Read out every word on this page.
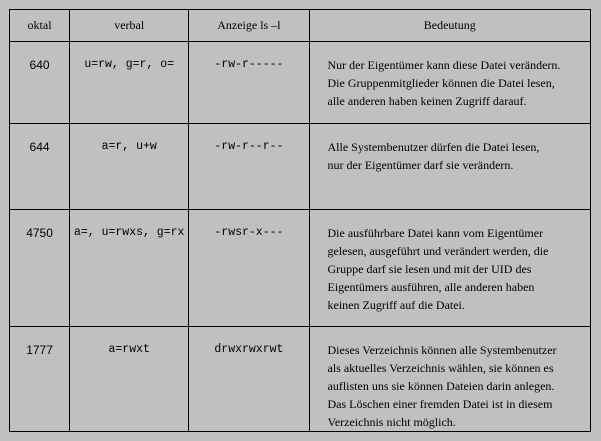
oktal	verbal	Anzeige ls –l	Bedeutung
640	u=rw, g=r, o=	-rw-r-----	Nur der Eigentümer kann diese Datei verändern.
Die Gruppenmitglieder können die Datei lesen,
alle anderen haben keinen Zugriff darauf.

644	a=r, u+w	-rw-r--r--	Alle Systembenutzer dürfen die Datei lesen,
nur der Eigentümer darf sie verändern.

4750	a=, u=rwxs, g=rx	-rwsr-x---	Die ausführbare Datei kann vom Eigentümer
gelesen, ausgeführt und verändert werden, die
Gruppe darf sie lesen und mit der UID des
Eigentümers ausführen, alle anderen haben
keinen Zugriff auf die Datei.

1777	a=rwxt	drwxrwxrwt	Dieses Verzeichnis können alle Systembenutzer
als aktuelles Verzeichnis wählen, sie können es
auflisten uns sie können Dateien darin anlegen.
Das Löschen einer fremden Datei ist in diesem
Verzeichnis nicht möglich.
